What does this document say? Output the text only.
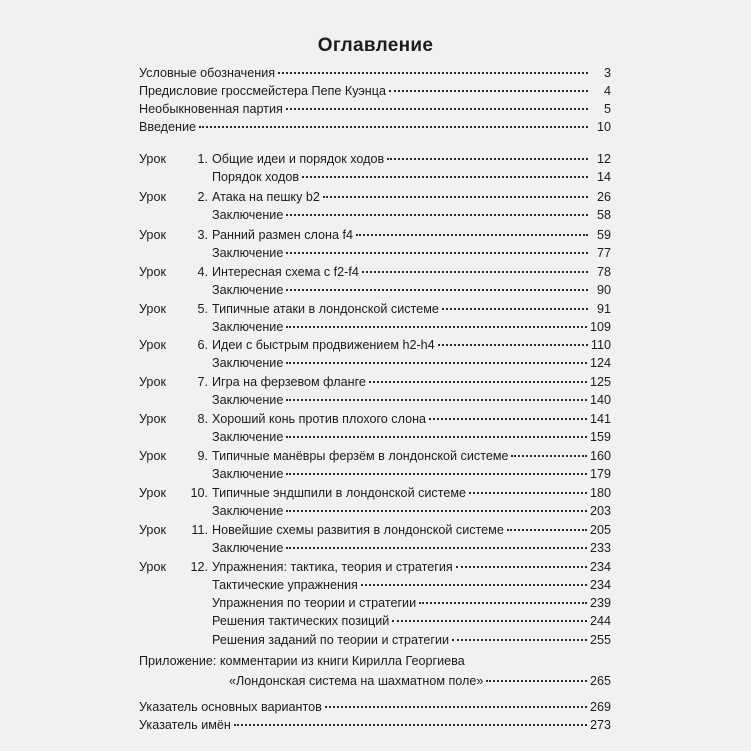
Оглавление
Условные обозначения	3
Предисловие гроссмейстера Пепе Куэнца	4
Необыкновенная партия	5
Введение	10
Урок	1. Общие идеи и порядок ходов	12
Порядок ходов	14
Урок	2. Атака на пешку b2	26
Заключение	58
Урок	3. Ранний размен слона f4	59
Заключение	77
Урок	4. Интересная схема с f2-f4	78
Заключение	90
Урок	5. Типичные атаки в лондонской системе	91
Заключение	109
Урок	6. Идеи с быстрым продвижением h2-h4	110
Заключение	124
Урок	7. Игра на ферзевом фланге	125
Заключение	140
Урок	8. Хороший конь против плохого слона	141
Заключение	159
Урок	9. Типичные манёвры ферзём в лондонской системе	160
Заключение	179
Урок	10. Типичные эндшпили в лондонской системе	180
Заключение	203
Урок	11. Новейшие схемы развития в лондонской системе	205
Заключение	233
Урок	12. Упражнения: тактика, теория и стратегия	234
Тактические упражнения	234
Упражнения по теории и стратегии	239
Решения тактических позиций	244
Решения заданий по теории и стратегии	255
Приложение: комментарии из книги Кирилла Георгиева
«Лондонская система на шахматном поле»	265
Указатель основных вариантов	269
Указатель имён	273
